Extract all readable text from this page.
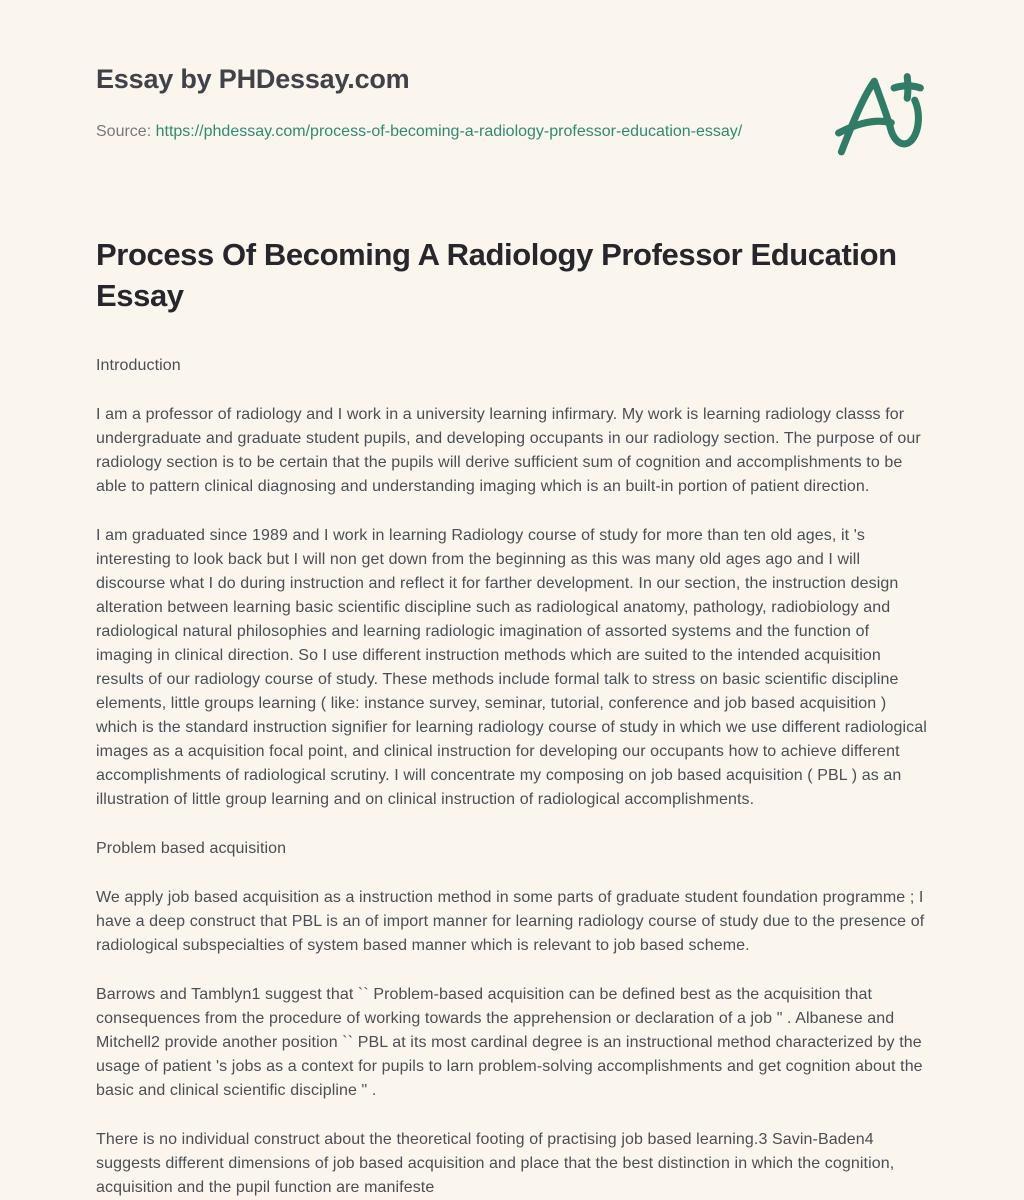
Essay by PHDessay.com
Source: https://phdessay.com/process-of-becoming-a-radiology-professor-education-essay/
Process Of Becoming A Radiology Professor Education Essay

Introduction

I am a professor of radiology and I work in a university learning infirmary. My work is learning radiology classs for undergraduate and graduate student pupils, and developing occupants in our radiology section. The purpose of our radiology section is to be certain that the pupils will derive sufficient sum of cognition and accomplishments to be able to pattern clinical diagnosing and understanding imaging which is an built-in portion of patient direction.

I am graduated since 1989 and I work in learning Radiology course of study for more than ten old ages, it 's interesting to look back but I will non get down from the beginning as this was many old ages ago and I will discourse what I do during instruction and reflect it for farther development. In our section, the instruction design alteration between learning basic scientific discipline such as radiological anatomy, pathology, radiobiology and radiological natural philosophies and learning radiologic imagination of assorted systems and the function of imaging in clinical direction. So I use different instruction methods which are suited to the intended acquisition results of our radiology course of study. These methods include formal talk to stress on basic scientific discipline elements, little groups learning ( like: instance survey, seminar, tutorial, conference and job based acquisition ) which is the standard instruction signifier for learning radiology course of study in which we use different radiological images as a acquisition focal point, and clinical instruction for developing our occupants how to achieve different accomplishments of radiological scrutiny. I will concentrate my composing on job based acquisition ( PBL ) as an illustration of little group learning and on clinical instruction of radiological accomplishments.

Problem based acquisition

We apply job based acquisition as a instruction method in some parts of graduate student foundation programme ; I have a deep construct that PBL is an of import manner for learning radiology course of study due to the presence of radiological subspecialties of system based manner which is relevant to job based scheme.

Barrows and Tamblyn1 suggest that `` Problem-based acquisition can be defined best as the acquisition that consequences from the procedure of working towards the apprehension or declaration of a job " . Albanese and Mitchell2 provide another position `` PBL at its most cardinal degree is an instructional method characterized by the usage of patient 's jobs as a context for pupils to larn problem-solving accomplishments and get cognition about the basic and clinical scientific discipline " .

There is no individual construct about the theoretical footing of practising job based learning.3 Savin-Baden4 suggests different dimensions of job based acquisition and place that the best distinction in which the cognition, acquisition and the pupil function are manifeste
